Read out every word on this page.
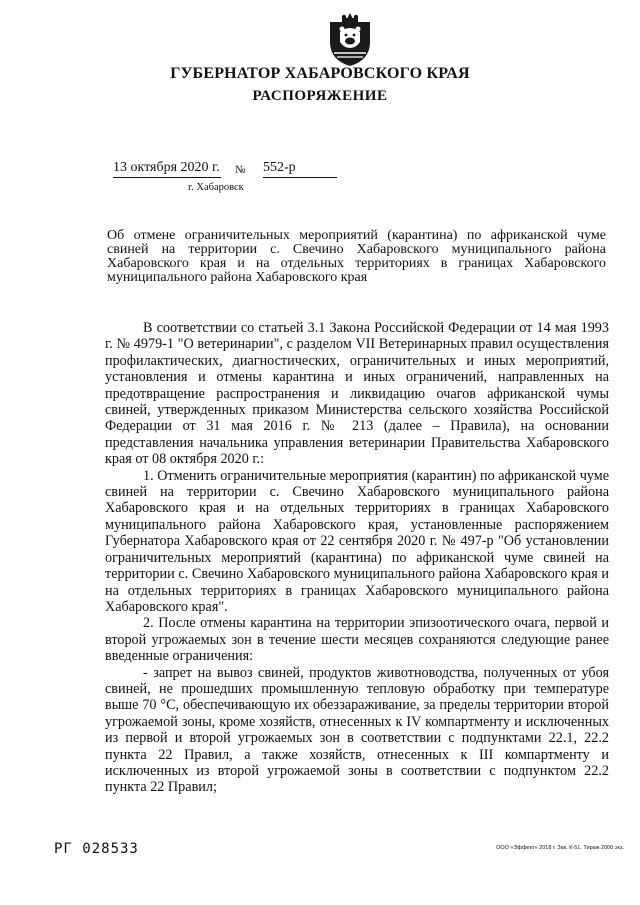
ГУБЕРНАТОР ХАБАРОВСКОГО КРАЯ
РАСПОРЯЖЕНИЕ
13 октября 2020 г. № 552-р
г. Хабаровск

Об отмене ограничительных мероприятий (карантина) по африканской чуме свиней на территории с. Свечино Хабаровского муниципального района Хабаровского края и на отдельных территориях в границах Хабаровского муниципального района Хабаровского края

В соответствии со статьей 3.1 Закона Российской Федерации от 14 мая 1993 г. № 4979-1 "О ветеринарии", с разделом VII Ветеринарных правил осуществления профилактических, диагностических, ограничительных и иных мероприятий, установления и отмены карантина и иных ограничений, направленных на предотвращение распространения и ликвидацию очагов африканской чумы свиней, утвержденных приказом Министерства сельского хозяйства Российской Федерации от 31 мая 2016 г. № 213 (далее – Правила), на основании представления начальника управления ветеринарии Правительства Хабаровского края от 08 октября 2020 г.:

1. Отменить ограничительные мероприятия (карантин) по африканской чуме свиней на территории с. Свечино Хабаровского муниципального района Хабаровского края и на отдельных территориях в границах Хабаровского муниципального района Хабаровского края, установленные распоряжением Губернатора Хабаровского края от 22 сентября 2020 г. № 497-р "Об установлении ограничительных мероприятий (карантина) по африканской чуме свиней на территории с. Свечино Хабаровского муниципального района Хабаровского края и на отдельных территориях в границах Хабаровского муниципального района Хабаровского края".

2. После отмены карантина на территории эпизоотического очага, первой и второй угрожаемых зон в течение шести месяцев сохраняются следующие ранее введенные ограничения:

- запрет на вывоз свиней, продуктов животноводства, полученных от убоя свиней, не прошедших промышленную тепловую обработку при температуре выше 70 °С, обеспечивающую их обеззараживание, за пределы территории второй угрожаемой зоны, кроме хозяйств, отнесенных к IV компартменту и исключенных из первой и второй угрожаемых зон в соответствии с подпунктами 22.1, 22.2 пункта 22 Правил, а также хозяйств, отнесенных к III компартменту и исключенных из второй угрожаемой зоны в соответствии с подпунктом 22.2 пункта 22 Правил;

РГ 028533	ООО «Эффект» 2018 г. Зак. К-51. Тираж 2000 экз.
